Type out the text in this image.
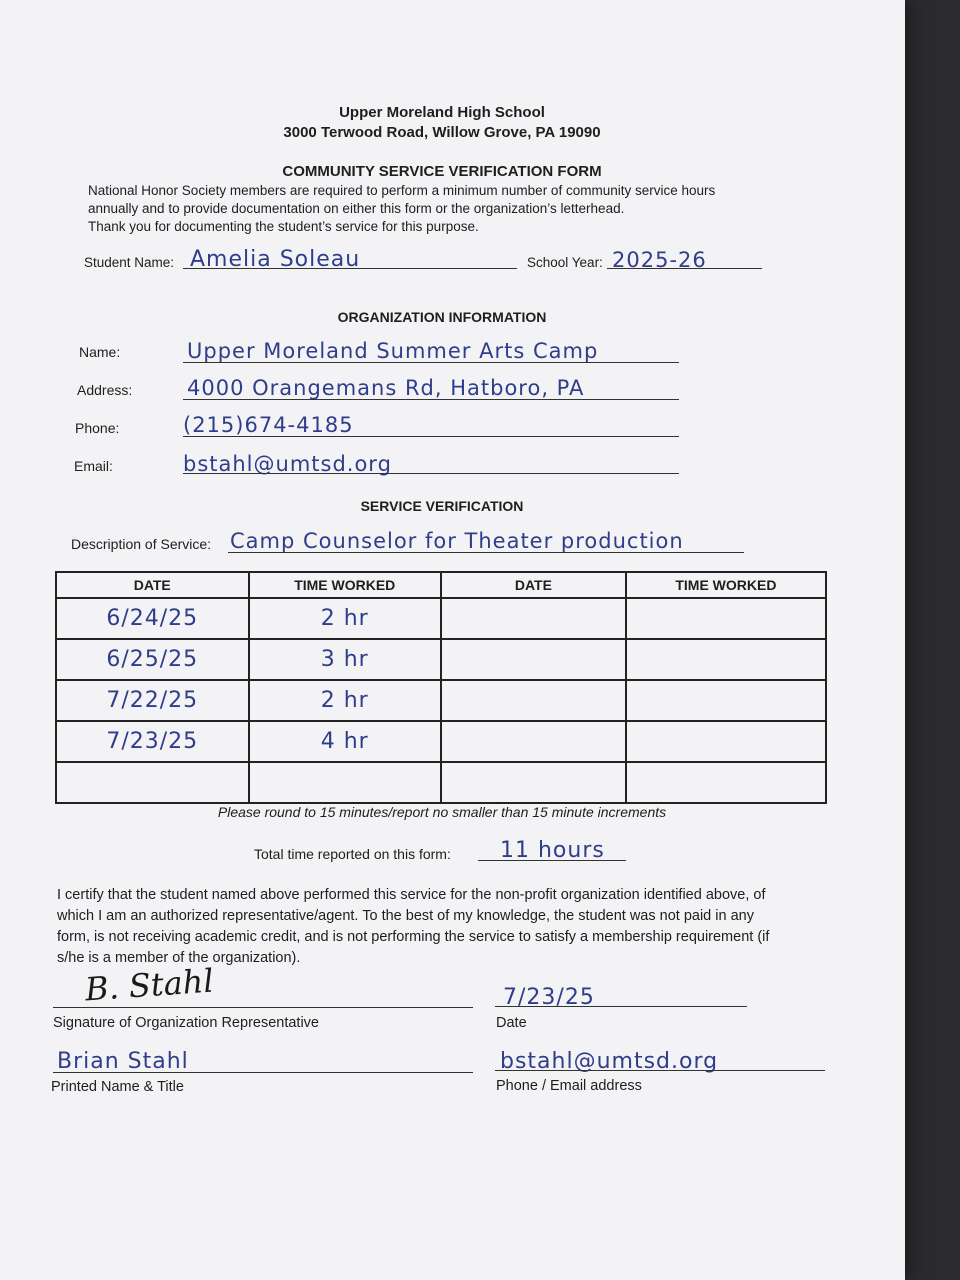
Upper Moreland High School
3000 Terwood Road, Willow Grove, PA 19090
COMMUNITY SERVICE VERIFICATION FORM
National Honor Society members are required to perform a minimum number of community service hours
annually and to provide documentation on either this form or the organization’s letterhead.
Thank you for documenting the student’s service for this purpose.
Student Name: Amelia Soleau	School Year: 2025-26
ORGANIZATION INFORMATION
Name:	Upper Moreland Summer Arts Camp
Address:	4000 Orangemans Rd, Hatboro, PA
Phone:	(215)674-4185
Email:	bstahl@umtsd.org
SERVICE VERIFICATION
Description of Service: Camp Counselor for Theater production
DATE	TIME WORKED	DATE	TIME WORKED
6/24/25	2 hr		
6/25/25	3 hr		
7/22/25	2 hr		
7/23/25	4 hr		

Please round to 15 minutes/report no smaller than 15 minute increments
Total time reported on this form: 11 hours
I certify that the student named above performed this service for the non-profit organization identified above, of
which I am an authorized representative/agent. To the best of my knowledge, the student was not paid in any
form, is not receiving academic credit, and is not performing the service to satisfy a membership requirement (if
s/he is a member of the organization).
B. Stahl
Signature of Organization Representative
7/23/25
Date
Brian Stahl
Printed Name & Title
bstahl@umtsd.org
Phone / Email address
